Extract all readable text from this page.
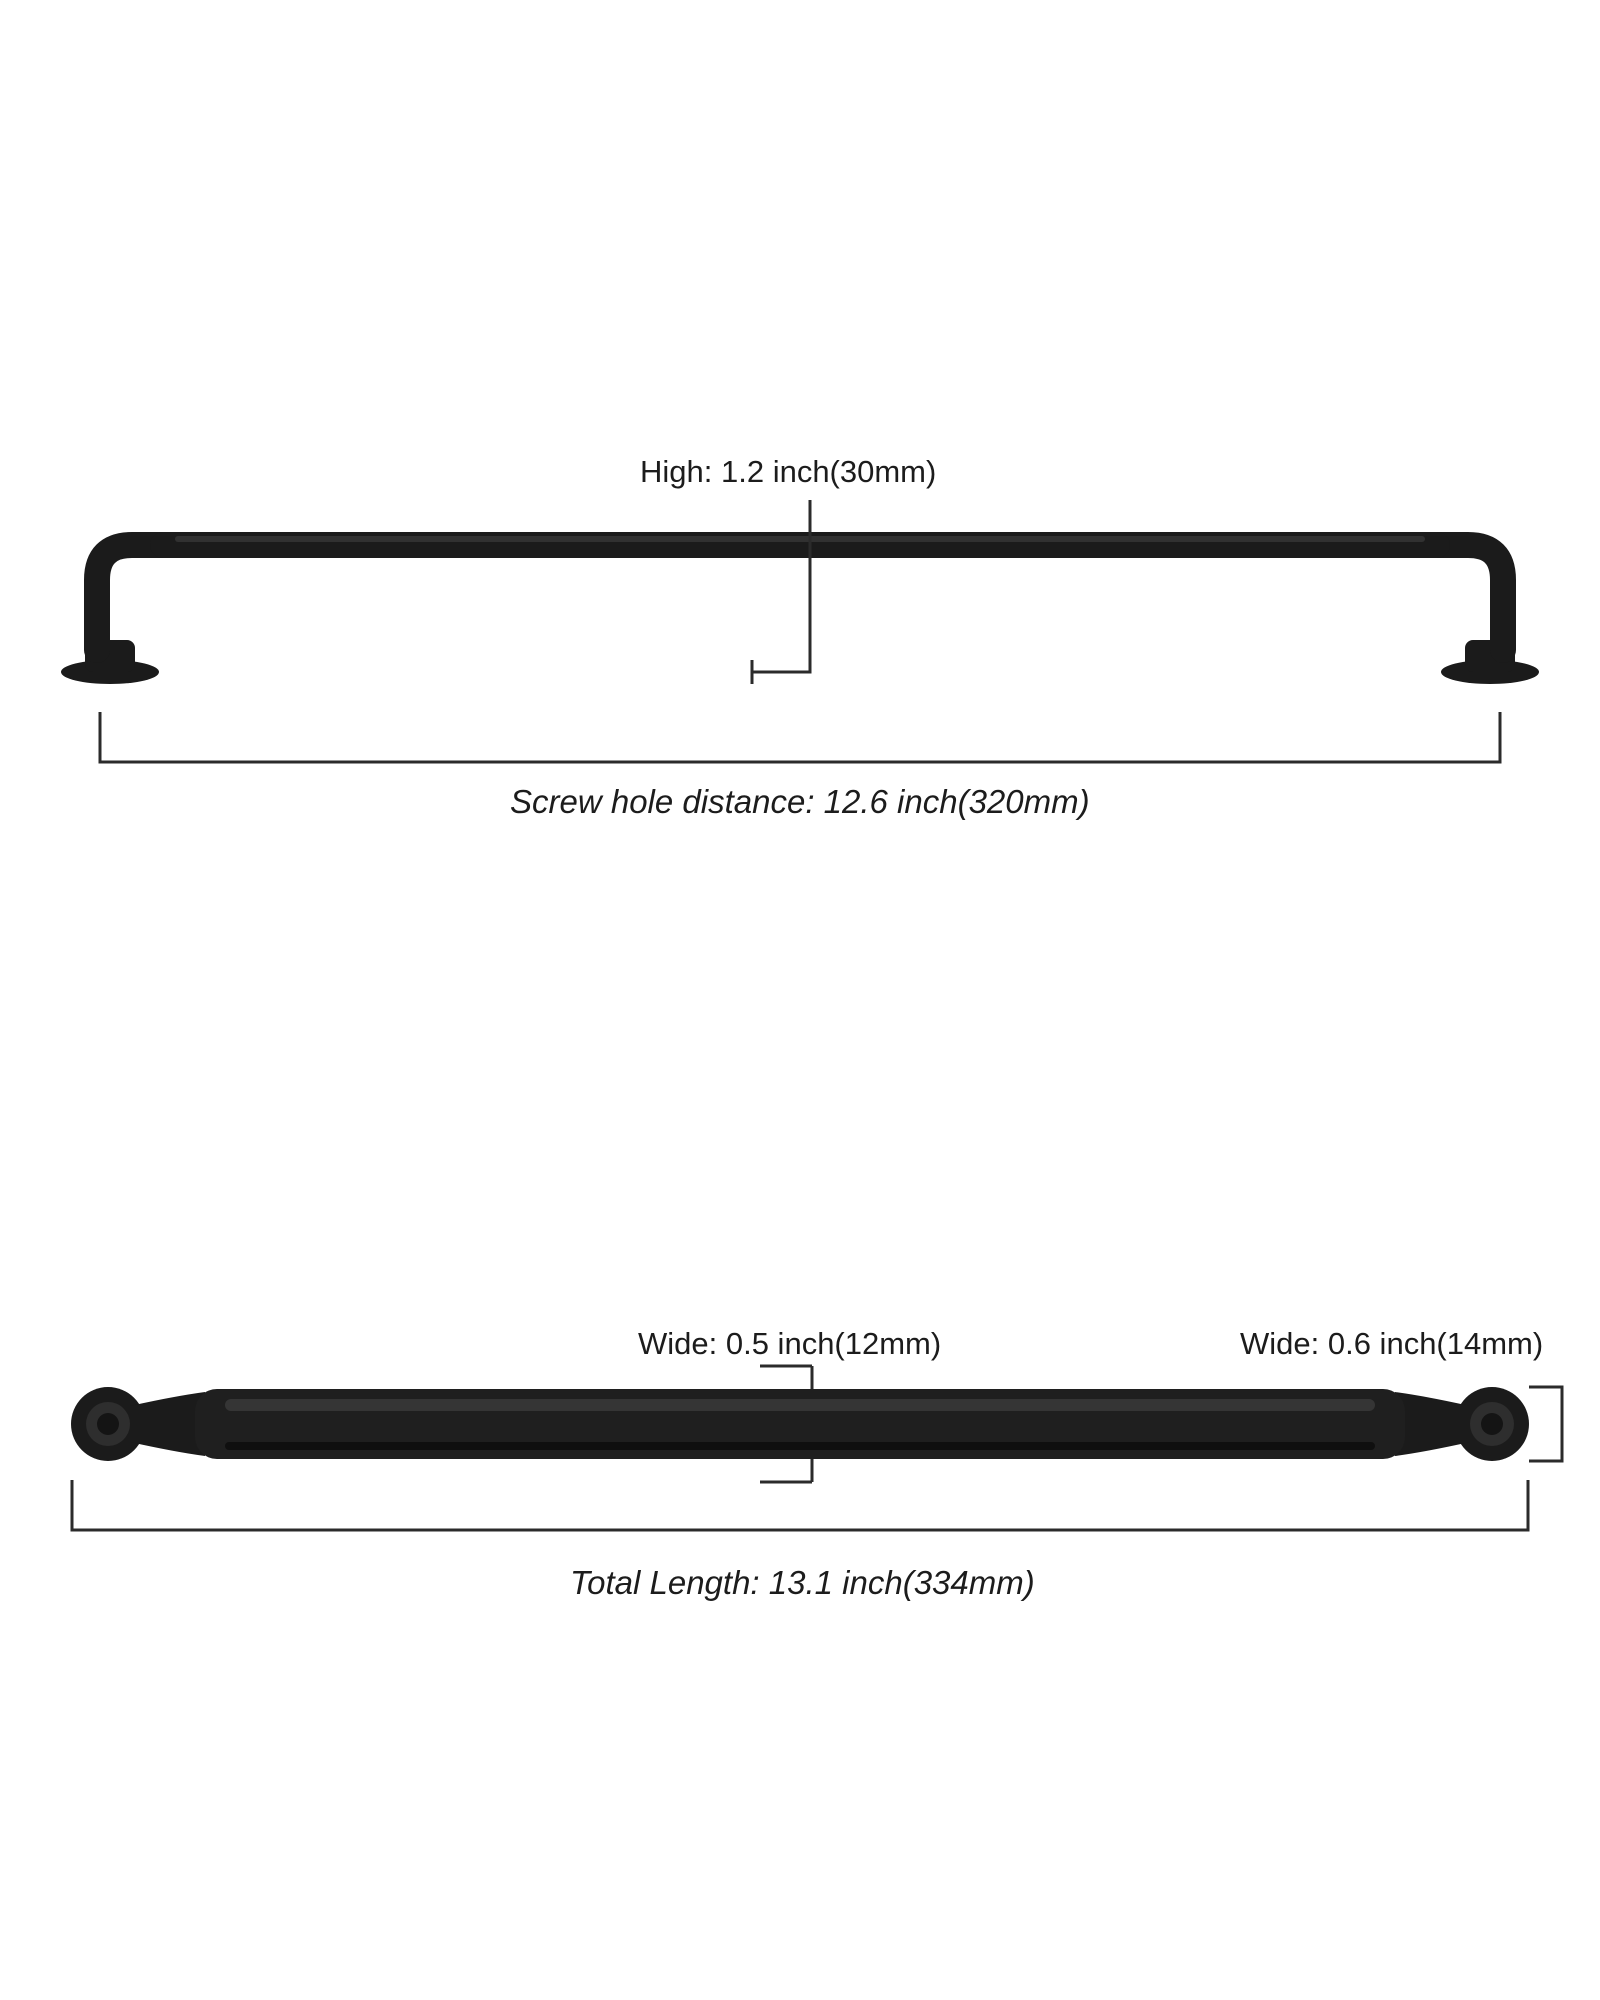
High: 1.2 inch(30mm)
Screw hole distance: 12.6 inch(320mm)
Wide: 0.5 inch(12mm)	Wide: 0.6 inch(14mm)
Total Length: 13.1 inch(334mm)
